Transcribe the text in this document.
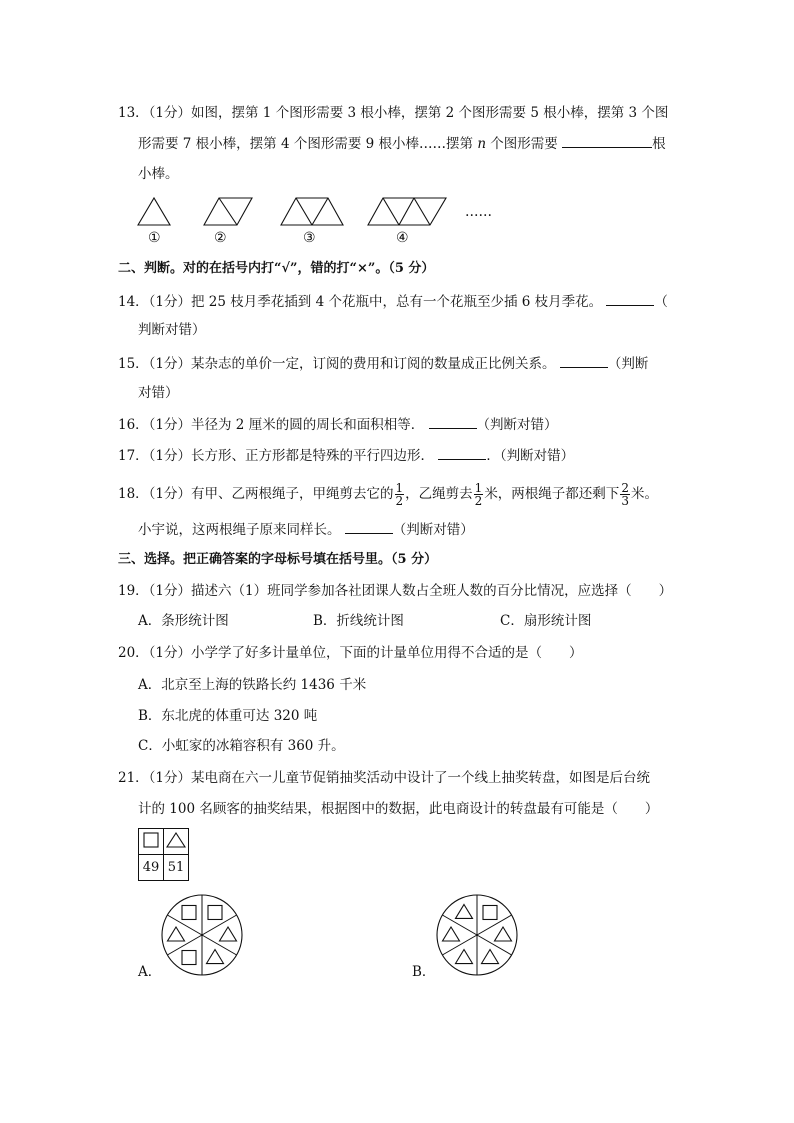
13．（1分）如图，摆第 1 个图形需要 3 根小棒，摆第 2 个图形需要 5 根小棒，摆第 3 个图
形需要 7 根小棒，摆第 4 个图形需要 9 根小棒……摆第 n 个图形需要	根
小棒。
……
①	②	③	④
二、判断。对的在括号内打“√”，错的打“×”。（5 分）
14．（1分）把 25 枝月季花插到 4 个花瓶中，总有一个花瓶至少插 6 枝月季花。	（
判断对错）
15．（1分）某杂志的单价一定，订阅的费用和订阅的数量成正比例关系。	（判断
对错）
16．（1分）半径为 2 厘米的圆的周长和面积相等．	（判断对错）
17．（1分）长方形、正方形都是特殊的平行四边形．	．（判断对错）
18．（1分）有甲、乙两根绳子，甲绳剪去它的 $\frac{1}{2}$ ，乙绳剪去 $\frac{1}{2}$ 米，两根绳子都还剩下 $\frac{2}{3}$ 米。
小宇说，这两根绳子原来同样长。	（判断对错）
三、选择。把正确答案的字母标号填在括号里。（5 分）
19．（1分）描述六（1）班同学参加各社团课人数占全班人数的百分比情况，应选择（　　）
A．条形统计图	B．折线统计图	C．扇形统计图
20．（1分）小学学了好多计量单位，下面的计量单位用得不合适的是（　　）
A．北京至上海的铁路长约 1436 千米
B．东北虎的体重可达 320 吨
C．小虹家的冰箱容积有 360 升。
21．（1分）某电商在六一儿童节促销抽奖活动中设计了一个线上抽奖转盘，如图是后台统
计的 100 名顾客的抽奖结果，根据图中的数据，此电商设计的转盘最有可能是（　　）

49	51
A．	B．
